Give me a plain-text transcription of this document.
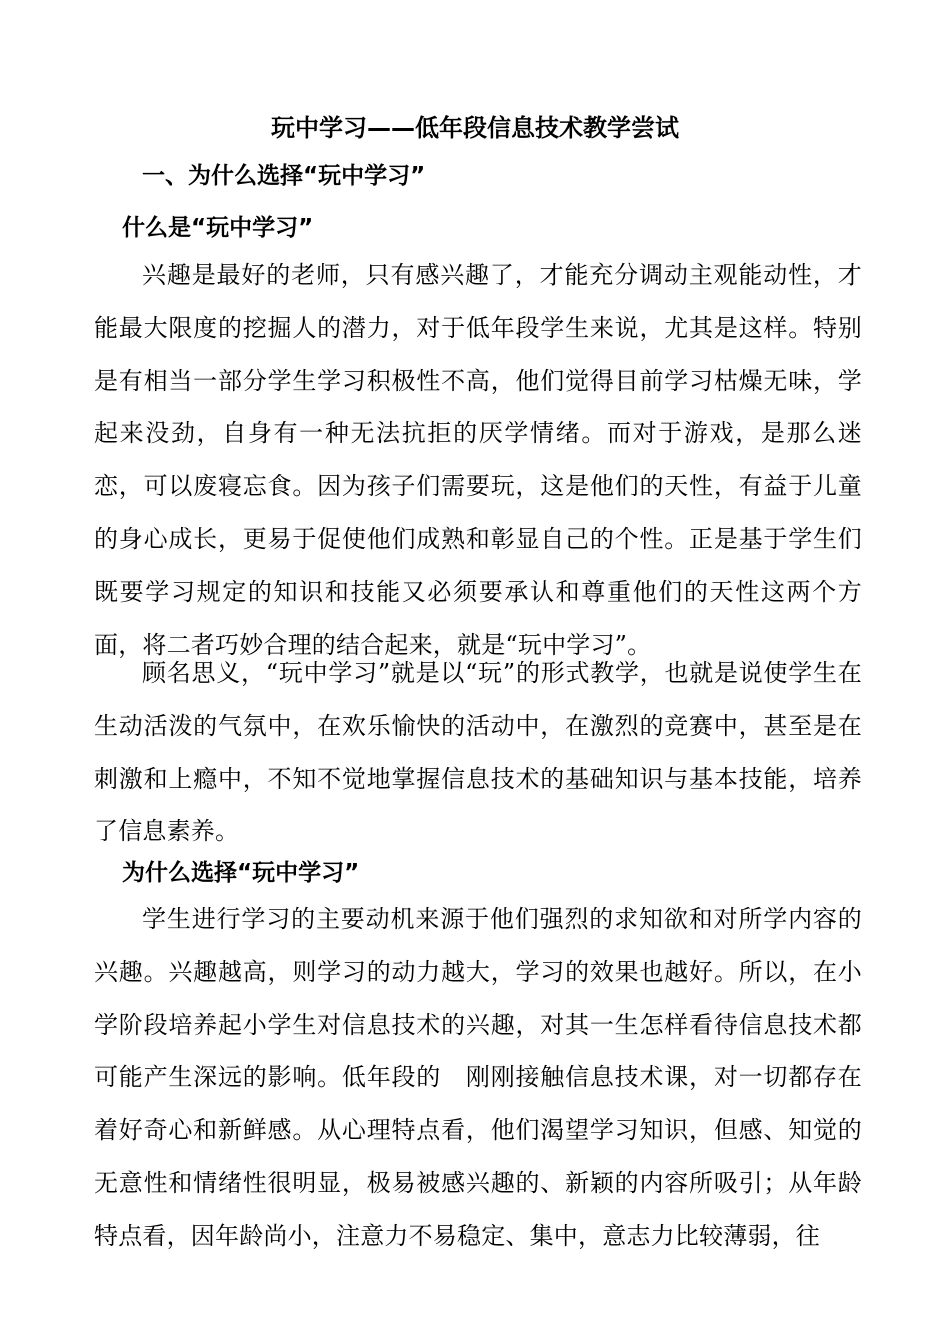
玩中学习——低年段信息技术教学尝试
一、为什么选择“玩中学习”
什么是“玩中学习”

兴趣是最好的老师，只有感兴趣了，才能充分调动主观能动性，才能最大限度的挖掘人的潜力，对于低年段学生来说，尤其是这样。特别是有相当一部分学生学习积极性不高，他们觉得目前学习枯燥无味，学起来没劲，自身有一种无法抗拒的厌学情绪。而对于游戏，是那么迷恋，可以废寝忘食。因为孩子们需要玩，这是他们的天性，有益于儿童的身心成长，更易于促使他们成熟和彰显自己的个性。正是基于学生们既要学习规定的知识和技能又必须要承认和尊重他们的天性这两个方面，将二者巧妙合理的结合起来，就是“玩中学习”。

顾名思义，“玩中学习”就是以“玩”的形式教学，也就是说使学生在生动活泼的气氛中，在欢乐愉快的活动中，在激烈的竞赛中，甚至是在刺激和上瘾中，不知不觉地掌握信息技术的基础知识与基本技能，培养了信息素养。

为什么选择“玩中学习”

学生进行学习的主要动机来源于他们强烈的求知欲和对所学内容的兴趣。兴趣越高，则学习的动力越大，学习的效果也越好。所以，在小学阶段培养起小学生对信息技术的兴趣，对其一生怎样看待信息技术都可能产生深远的影响。低年段的　刚刚接触信息技术课，对一切都存在着好奇心和新鲜感。从心理特点看，他们渴望学习知识，但感、知觉的无意性和情绪性很明显，极易被感兴趣的、新颖的内容所吸引；从年龄特点看，因年龄尚小，注意力不易稳定、集中，意志力比较薄弱，往
